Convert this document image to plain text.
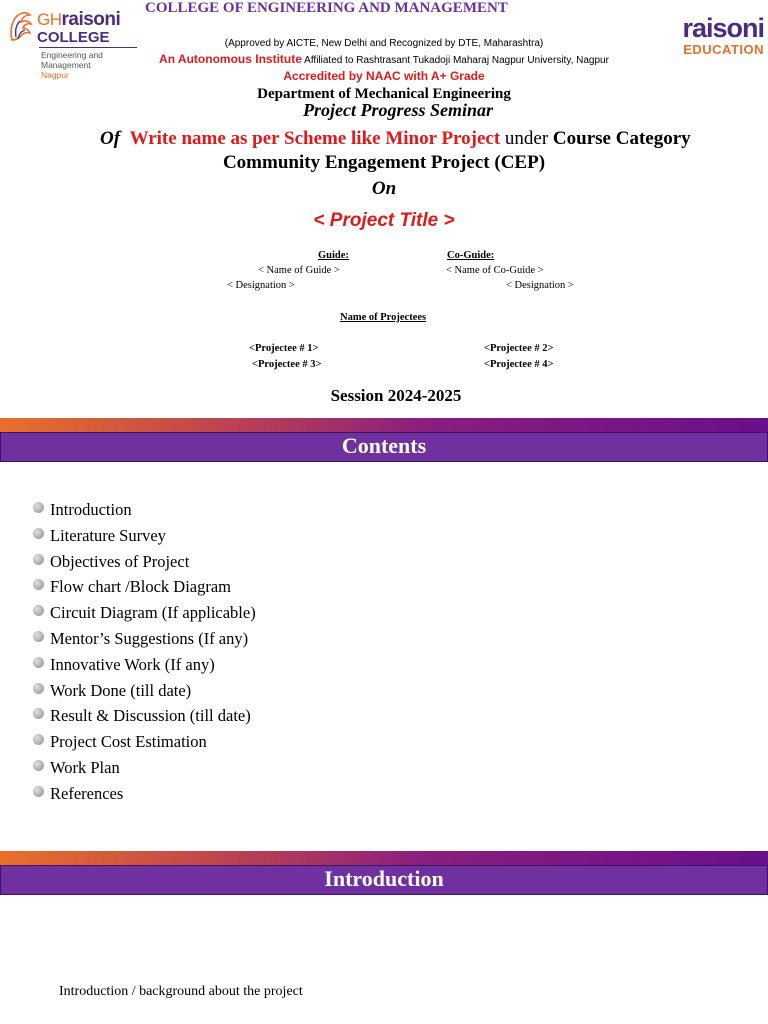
GHraisoni
COLLEGE
Engineering and
Management
Nagpur
raisoni
EDUCATION
COLLEGE OF ENGINEERING AND MANAGEMENT
(Approved by AICTE, New Delhi and Recognized by DTE, Maharashtra)
An Autonomous Institute Affiliated to Rashtrasant Tukadoji Maharaj Nagpur University, Nagpur
Accredited by NAAC with A+ Grade
Department of Mechanical Engineering
Project Progress Seminar
Of Write name as per Scheme like Minor Project under Course Category
Community Engagement Project (CEP)
On
< Project Title >
Guide:
< Name of Guide >
< Designation >
Co-Guide:
< Name of Co-Guide >
< Designation >
Name of Projectees
<Projectee # 1>	<Projectee # 2>
<Projectee # 3>	<Projectee # 4>
Session 2024-2025
Contents
Introduction
Literature Survey
Objectives of Project
Flow chart /Block Diagram
Circuit Diagram (If applicable)
Mentor’s Suggestions (If any)
Innovative Work (If any)
Work Done (till date)
Result & Discussion (till date)
Project Cost Estimation
Work Plan
References
Introduction
Introduction / background about the project
